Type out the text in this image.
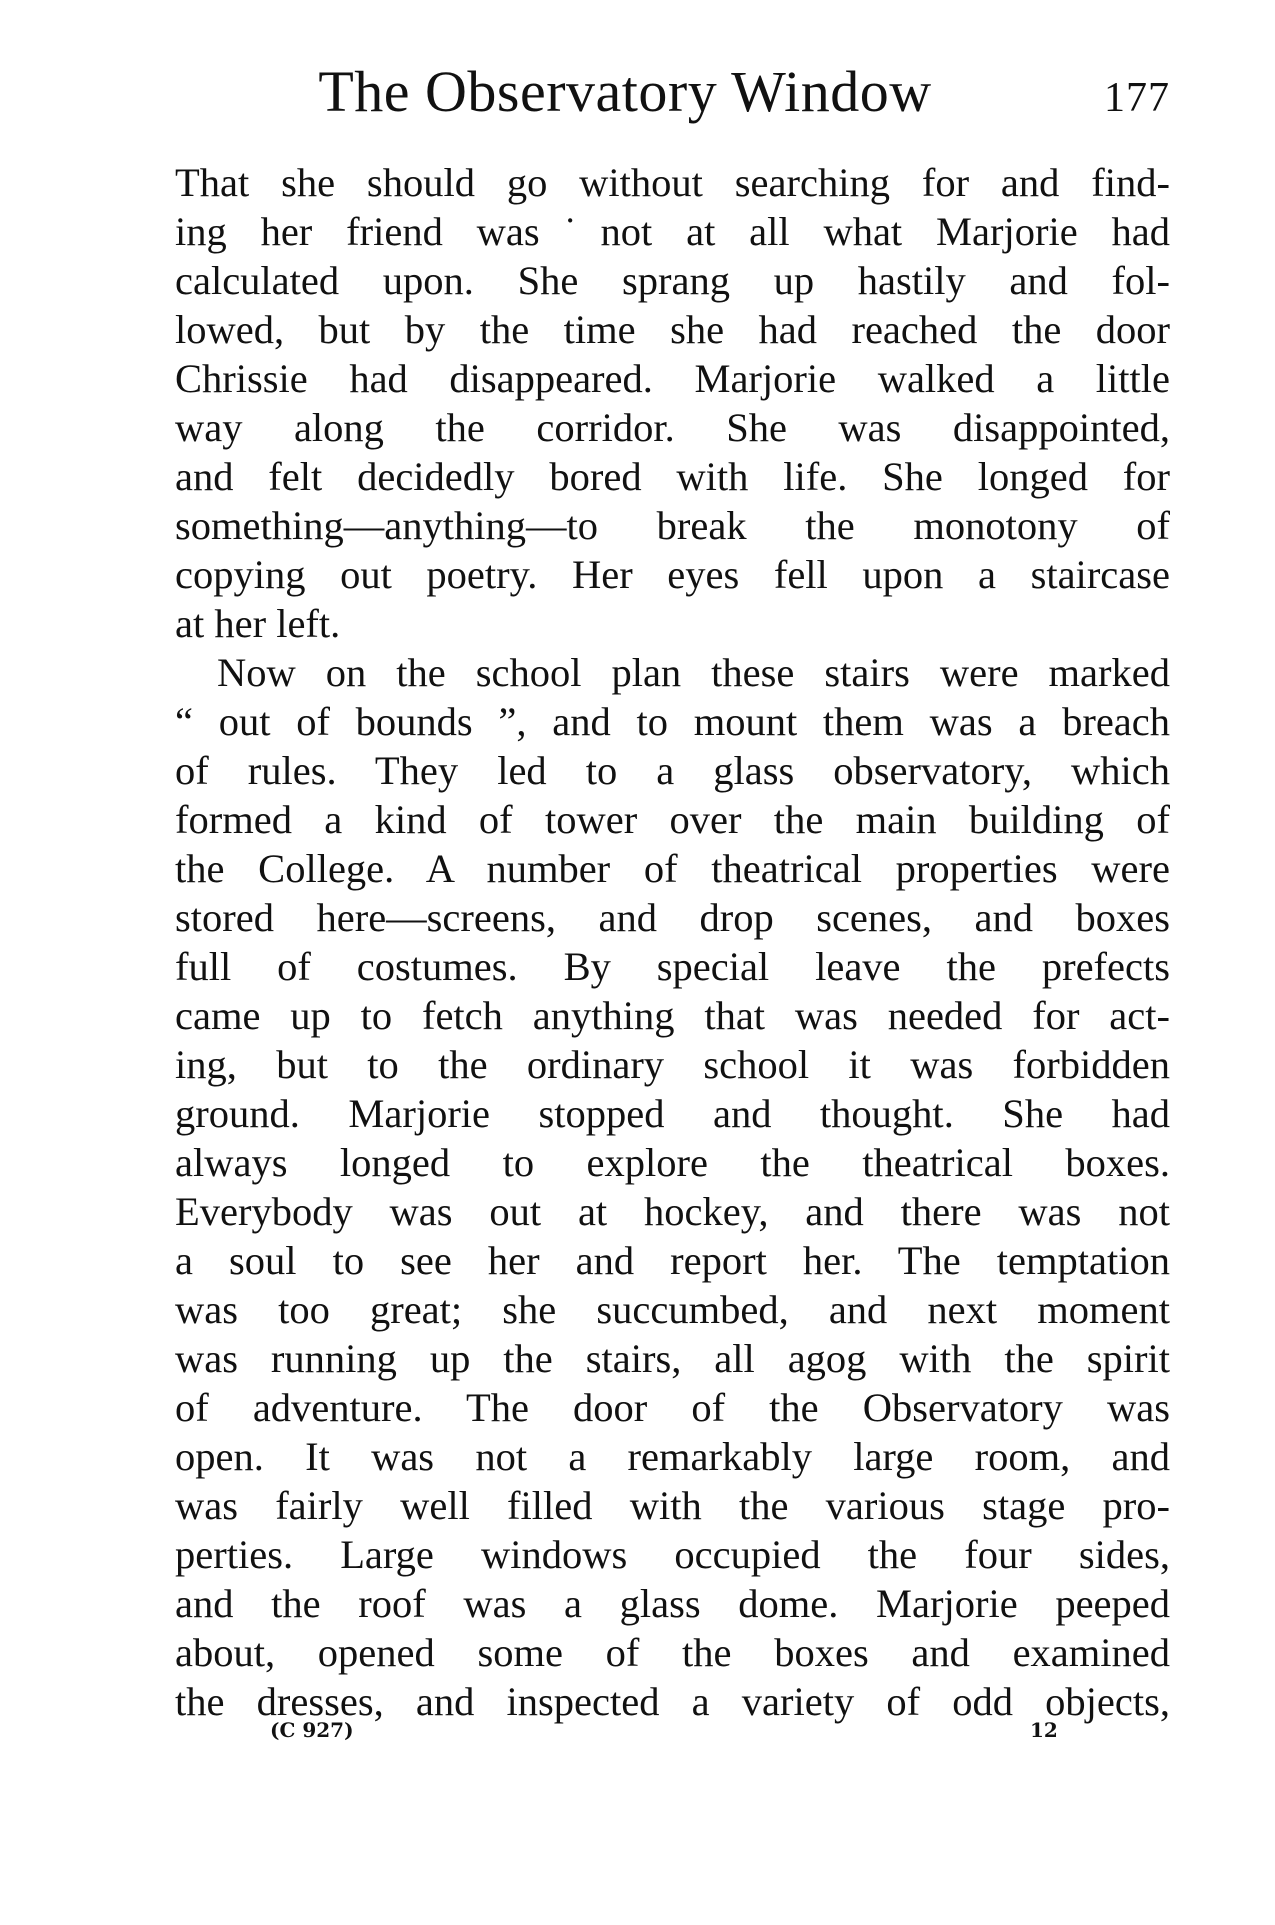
The Observatory Window	177

That she should go without searching for and find-
ing her friend was˙not at all what Marjorie had
calculated upon. She sprang up hastily and fol-
lowed, but by the time she had reached the door
Chrissie had disappeared. Marjorie walked a little
way along the corridor. She was disappointed,
and felt decidedly bored with life. She longed for
something—anything—to break the monotony of
copying out poetry. Her eyes fell upon a staircase
at her left.

Now on the school plan these stairs were marked
“ out of bounds ”, and to mount them was a breach
of rules. They led to a glass observatory, which
formed a kind of tower over the main building of
the College. A number of theatrical properties were
stored here—screens, and drop scenes, and boxes
full of costumes. By special leave the prefects
came up to fetch anything that was needed for act-
ing, but to the ordinary school it was forbidden
ground. Marjorie stopped and thought. She had
always longed to explore the theatrical boxes.
Everybody was out at hockey, and there was not
a soul to see her and report her. The temptation
was too great; she succumbed, and next moment
was running up the stairs, all agog with the spirit
of adventure. The door of the Observatory was
open. It was not a remarkably large room, and
was fairly well filled with the various stage pro-
perties. Large windows occupied the four sides,
and the roof was a glass dome. Marjorie peeped
about, opened some of the boxes and examined
the dresses, and inspected a variety of odd objects,

(C 927)	12
